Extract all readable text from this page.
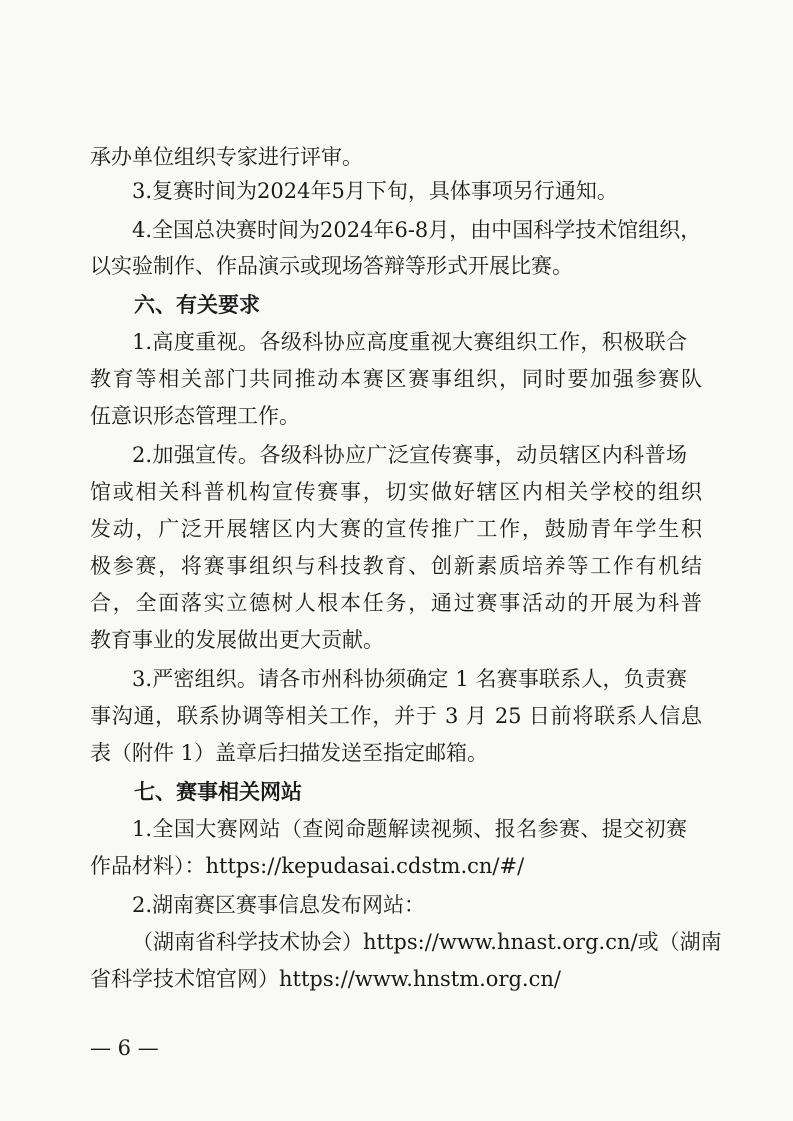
承办单位组织专家进行评审。
3.复赛时间为2024年5月下旬，具体事项另行通知。
4.全国总决赛时间为2024年6-8月，由中国科学技术馆组织，
以实验制作、作品演示或现场答辩等形式开展比赛。
六、有关要求
1.高度重视。各级科协应高度重视大赛组织工作，积极联合
教育等相关部门共同推动本赛区赛事组织，同时要加强参赛队
伍意识形态管理工作。
2.加强宣传。各级科协应广泛宣传赛事，动员辖区内科普场
馆或相关科普机构宣传赛事，切实做好辖区内相关学校的组织
发动，广泛开展辖区内大赛的宣传推广工作，鼓励青年学生积
极参赛，将赛事组织与科技教育、创新素质培养等工作有机结
合，全面落实立德树人根本任务，通过赛事活动的开展为科普
教育事业的发展做出更大贡献。
3.严密组织。请各市州科协须确定 1 名赛事联系人，负责赛
事沟通，联系协调等相关工作，并于 3 月 25 日前将联系人信息
表（附件 1）盖章后扫描发送至指定邮箱。
七、赛事相关网站
1.全国大赛网站（查阅命题解读视频、报名参赛、提交初赛
作品材料）：https://kepudasai.cdstm.cn/#/
2.湖南赛区赛事信息发布网站：
（湖南省科学技术协会）https://www.hnast.org.cn/或（湖南
省科学技术馆官网）https://www.hnstm.org.cn/
— 6 —
